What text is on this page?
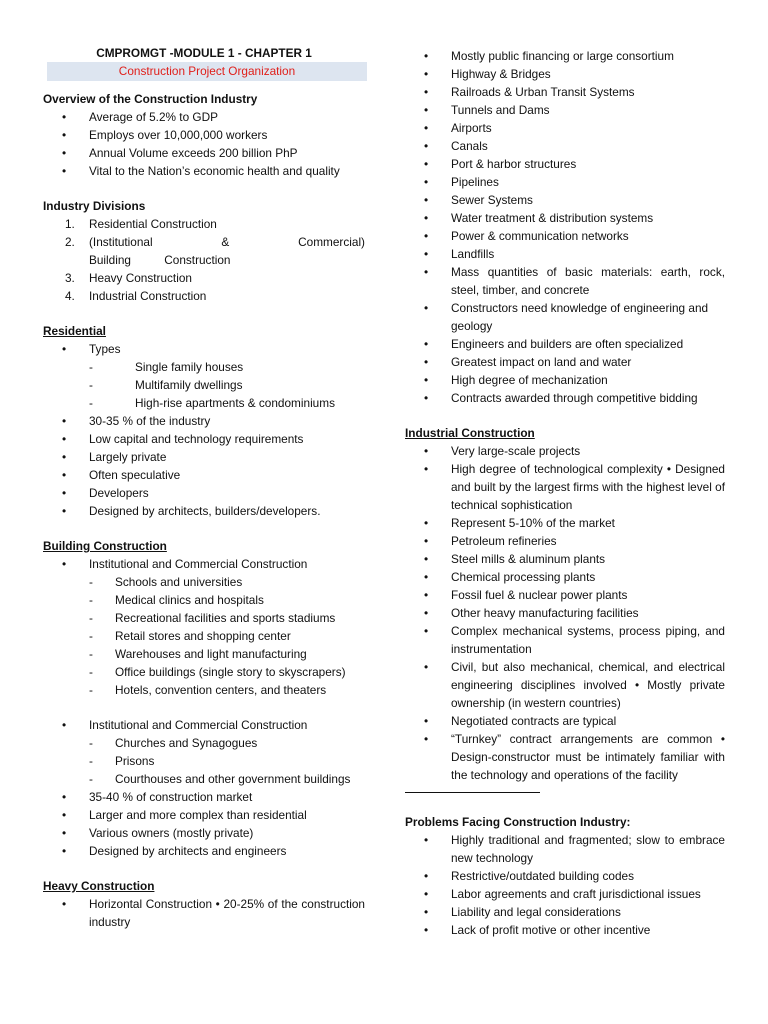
CMPROMGT -MODULE 1 - CHAPTER 1
Construction Project Organization
Overview of the Construction Industry
• Average of 5.2% to GDP
• Employs over 10,000,000 workers
• Annual Volume exceeds 200 billion PhP
• Vital to the Nation’s economic health and quality
Industry Divisions
1. Residential Construction
2. (Institutional & Commercial) Building Construction
3. Heavy Construction
4. Industrial Construction
Residential
• Types
- Single family houses
- Multifamily dwellings
- High-rise apartments & condominiums
• 30-35 % of the industry
• Low capital and technology requirements
• Largely private
• Often speculative
• Developers
• Designed by architects, builders/developers.
Building Construction
• Institutional and Commercial Construction
- Schools and universities
- Medical clinics and hospitals
- Recreational facilities and sports stadiums
- Retail stores and shopping center
- Warehouses and light manufacturing
- Office buildings (single story to skyscrapers)
- Hotels, convention centers, and theaters
• Institutional and Commercial Construction
- Churches and Synagogues
- Prisons
- Courthouses and other government buildings
• 35-40 % of construction market
• Larger and more complex than residential
• Various owners (mostly private)
• Designed by architects and engineers
Heavy Construction
• Horizontal Construction • 20-25% of the construction industry
• Mostly public financing or large consortium
• Highway & Bridges
• Railroads & Urban Transit Systems
• Tunnels and Dams
• Airports
• Canals
• Port & harbor structures
• Pipelines
• Sewer Systems
• Water treatment & distribution systems
• Power & communication networks
• Landfills
• Mass quantities of basic materials: earth, rock, steel, timber, and concrete
• Constructors need knowledge of engineering and geology
• Engineers and builders are often specialized
• Greatest impact on land and water
• High degree of mechanization
• Contracts awarded through competitive bidding
Industrial Construction
• Very large-scale projects
• High degree of technological complexity • Designed and built by the largest firms with the highest level of technical sophistication
• Represent 5-10% of the market
• Petroleum refineries
• Steel mills & aluminum plants
• Chemical processing plants
• Fossil fuel & nuclear power plants
• Other heavy manufacturing facilities
• Complex mechanical systems, process piping, and instrumentation
• Civil, but also mechanical, chemical, and electrical engineering disciplines involved • Mostly private ownership (in western countries)
• Negotiated contracts are typical
• “Turnkey” contract arrangements are common • Design-constructor must be intimately familiar with the technology and operations of the facility
Problems Facing Construction Industry:
• Highly traditional and fragmented; slow to embrace new technology
• Restrictive/outdated building codes
• Labor agreements and craft jurisdictional issues
• Liability and legal considerations
• Lack of profit motive or other incentive
